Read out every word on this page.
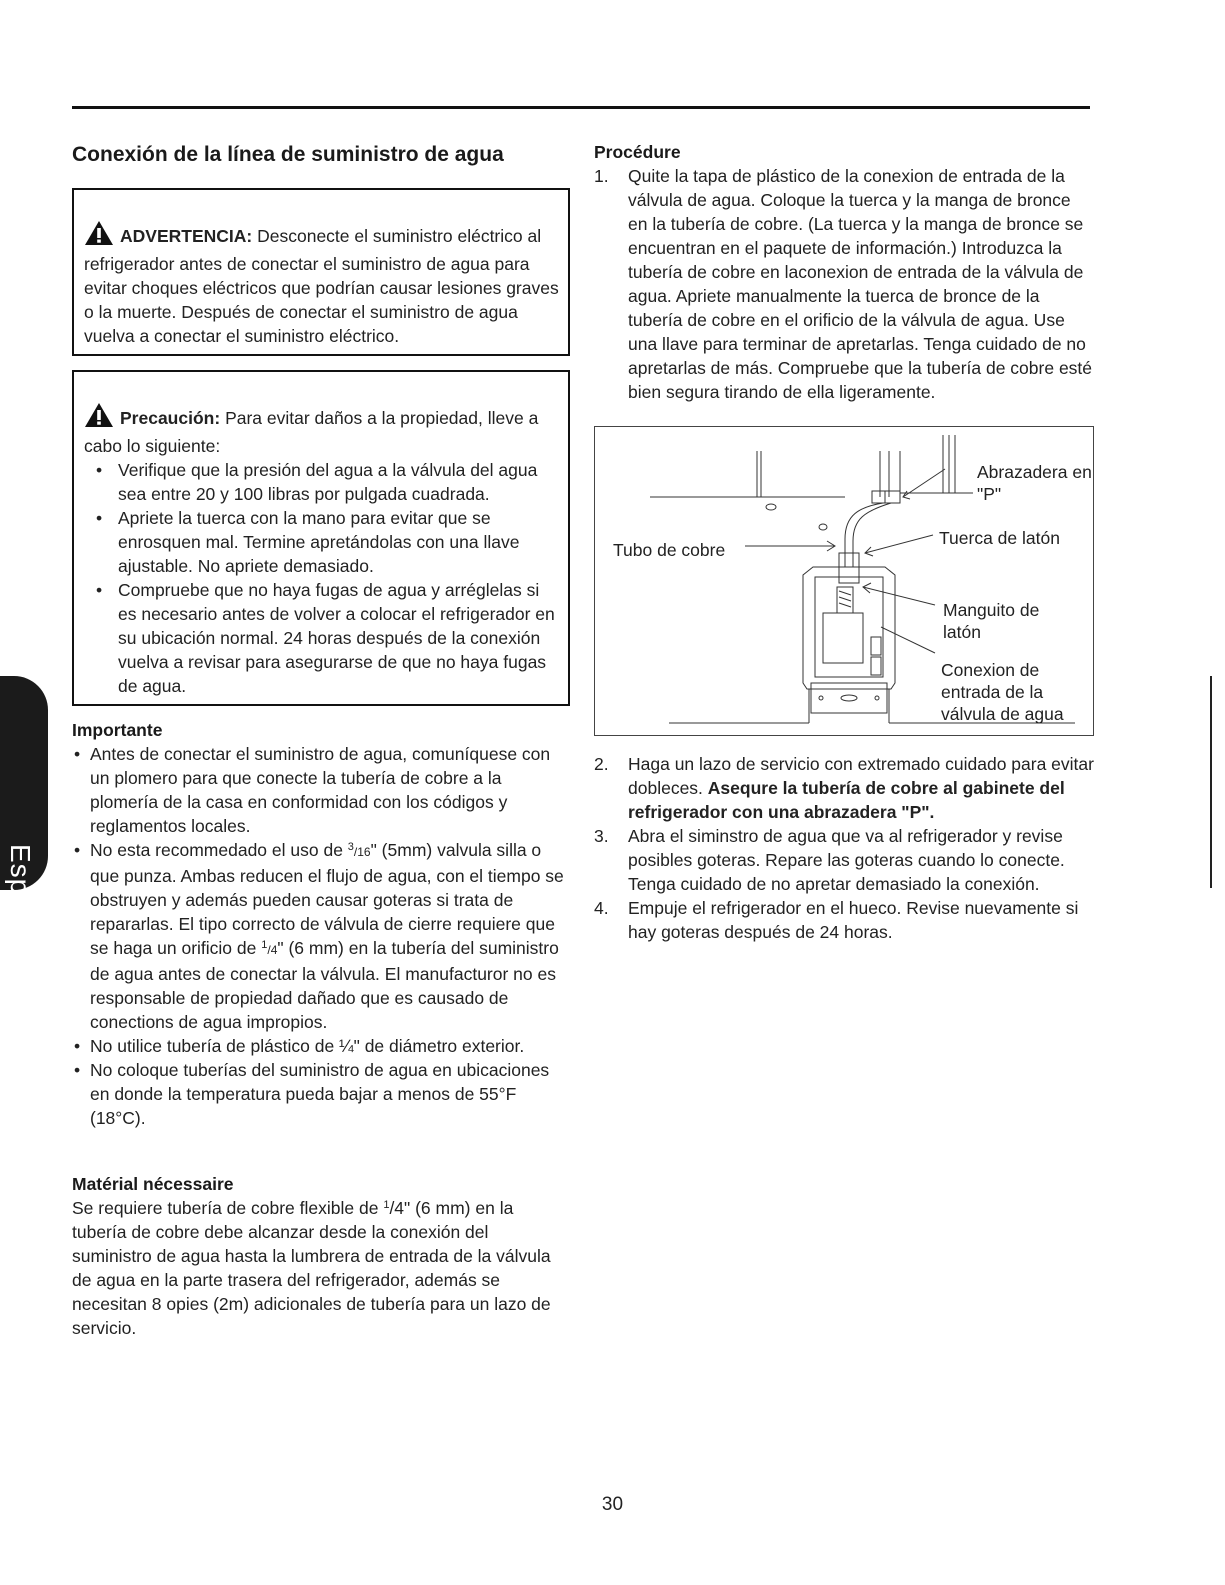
Conexión de la línea de suministro de agua

ADVERTENCIA: Desconecte el suministro eléctrico al refrigerador antes de conectar el suministro de agua para evitar choques eléctricos que podrían causar lesiones graves o la muerte. Después de conectar el suministro de agua vuelva a conectar el suministro eléctrico.

Precaución: Para evitar daños a la propiedad, lleve a cabo lo siguiente:

• Verifique que la presión del agua a la válvula del agua sea entre 20 y 100 libras por pulgada cuadrada.
• Apriete la tuerca con la mano para evitar que se enrosquen mal. Termine apretándolas con una llave ajustable. No apriete demasiado.
• Compruebe que no haya fugas de agua y arréglelas si es necesario antes de volver a colocar el refrigerador en su ubicación normal. 24 horas después de la conexión vuelva a revisar para asegurarse de que no haya fugas de agua.
Importante
• Antes de conectar el suministro de agua, comuníquese con un plomero para que conecte la tubería de cobre a la plomería de la casa en conformidad con los códigos y reglamentos locales.
• No esta recommedado el uso de $^3$/16" (5mm) valvula silla o que punza. Ambas reducen el flujo de agua, con el tiempo se obstruyen y además pueden causar goteras si trata de repararlas. El tipo correcto de válvula de cierre requiere que se haga un orificio de $^1$/4" (6 mm) en la tubería del suministro de agua antes de conectar la válvula. El manufacturor no es responsable de propiedad dañado que es causado de conections de agua impropios.
• No utilice tubería de plástico de ¼" de diámetro exterior.
• No coloque tuberías del suministro de agua en ubicaciones en donde la temperatura pueda bajar a menos de 55°F (18°C).
Matérial nécessaire

Se requiere tubería de cobre flexible de $^1$/4" (6 mm) en la tubería de cobre debe alcanzar desde la conexión del suministro de agua hasta la lumbrera de entrada de la válvula de agua en la parte trasera del refrigerador, además se necesitan 8 opies (2m) adicionales de tubería para un lazo de servicio.

Procédure
1. Quite la tapa de plástico de la conexion de entrada de la válvula de agua. Coloque la tuerca y la manga de bronce en la tubería de cobre. (La tuerca y la manga de bronce se encuentran en el paquete de información.) Introduzca la tubería de cobre en laconexion de entrada de la válvula de agua. Apriete manualmente la tuerca de bronce de la tubería de cobre en el orificio de la válvula de agua. Use una llave para terminar de apretarlas. Tenga cuidado de no apretarlas de más. Compruebe que la tubería de cobre esté bien segura tirando de ella ligeramente.
Abrazadera en "P"
Tubo de cobre
Tuerca de latón
Manguito de latón
Conexion de entrada de la válvula de agua
2. Haga un lazo de servicio con extremado cuidado para evitar dobleces. Asequre la tubería de cobre al gabinete del refrigerador con una abrazadera "P".
3. Abra el siminstro de agua que va al refrigerador y revise posibles goteras. Repare las goteras cuando lo conecte. Tenga cuidado de no apretar demasiado la conexión.
4. Empuje el refrigerador en el hueco. Revise nuevamente si hay goteras después de 24 horas.
Español
30
